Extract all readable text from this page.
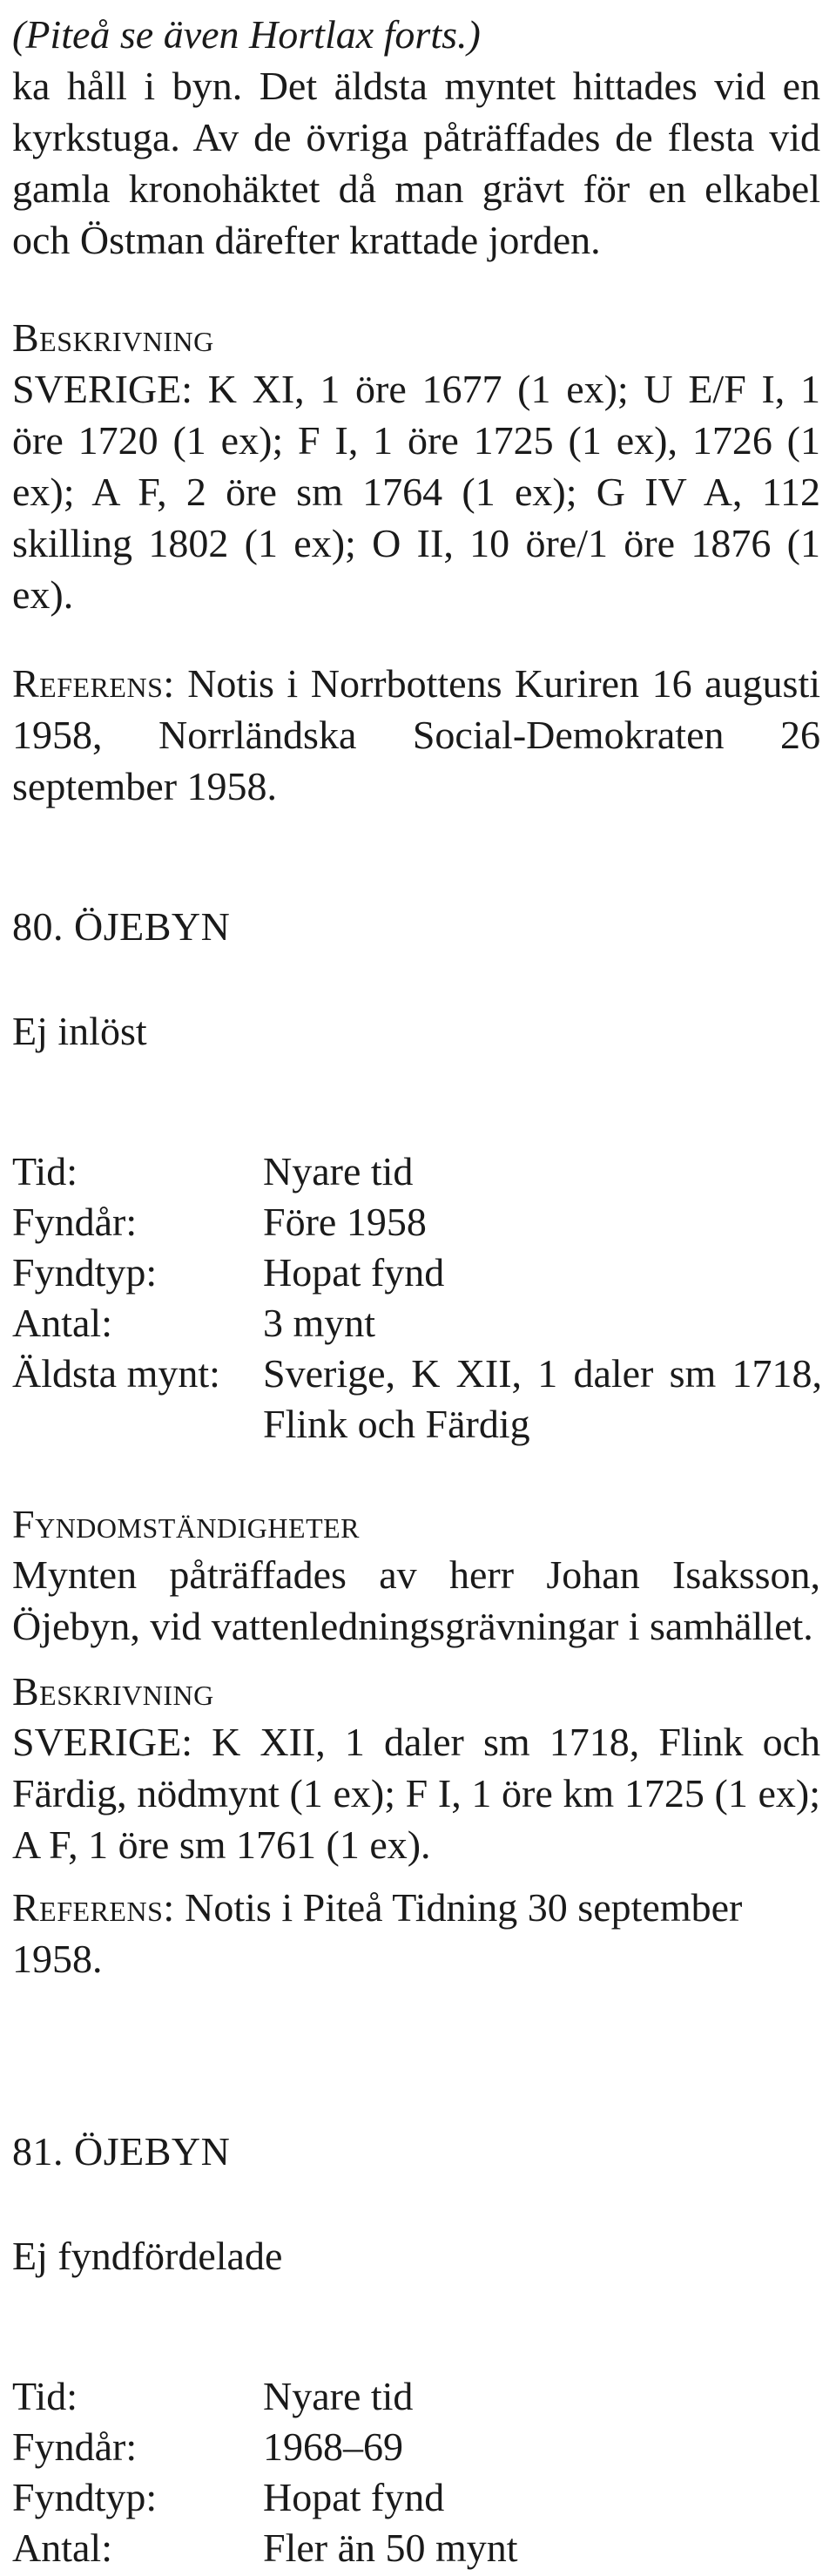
(Piteå se även Hortlax forts.)

ka håll i byn. Det äldsta myntet hittades vid en kyrkstuga. Av de övriga påträffades de flesta vid gamla kronohäktet då man grävt för en elkabel och Östman därefter krattade jorden.

Beskrivning

SVERIGE: K XI, 1 öre 1677 (1 ex); U E/F I, 1 öre 1720 (1 ex); F I, 1 öre 1725 (1 ex), 1726 (1 ex); A F, 2 öre sm 1764 (1 ex); G IV A, 112 skilling 1802 (1 ex); O II, 10 öre/1 öre 1876 (1 ex).

Referens: Notis i Norrbottens Kuriren 16 augusti 1958, Norrländska Social-Demokraten 26 september 1958.

80. ÖJEBYN

Ej inlöst

Tid:	Nyare tid
Fyndår:	Före 1958
Fyndtyp:	Hopat fynd
Antal:	3 mynt
Äldsta mynt: Sverige, K XII, 1 daler sm 1718, Flink och Färdig

Fyndomständigheter

Mynten påträffades av herr Johan Isaksson, Öjebyn, vid vattenledningsgrävningar i samhället.

Beskrivning

SVERIGE: K XII, 1 daler sm 1718, Flink och Färdig, nödmynt (1 ex); F I, 1 öre km 1725 (1 ex); A F, 1 öre sm 1761 (1 ex).

Referens: Notis i Piteå Tidning 30 september 1958.

81. ÖJEBYN

Ej fyndfördelade

Tid:	Nyare tid
Fyndår:	1968–69
Fyndtyp:	Hopat fynd
Antal:	Fler än 50 mynt
